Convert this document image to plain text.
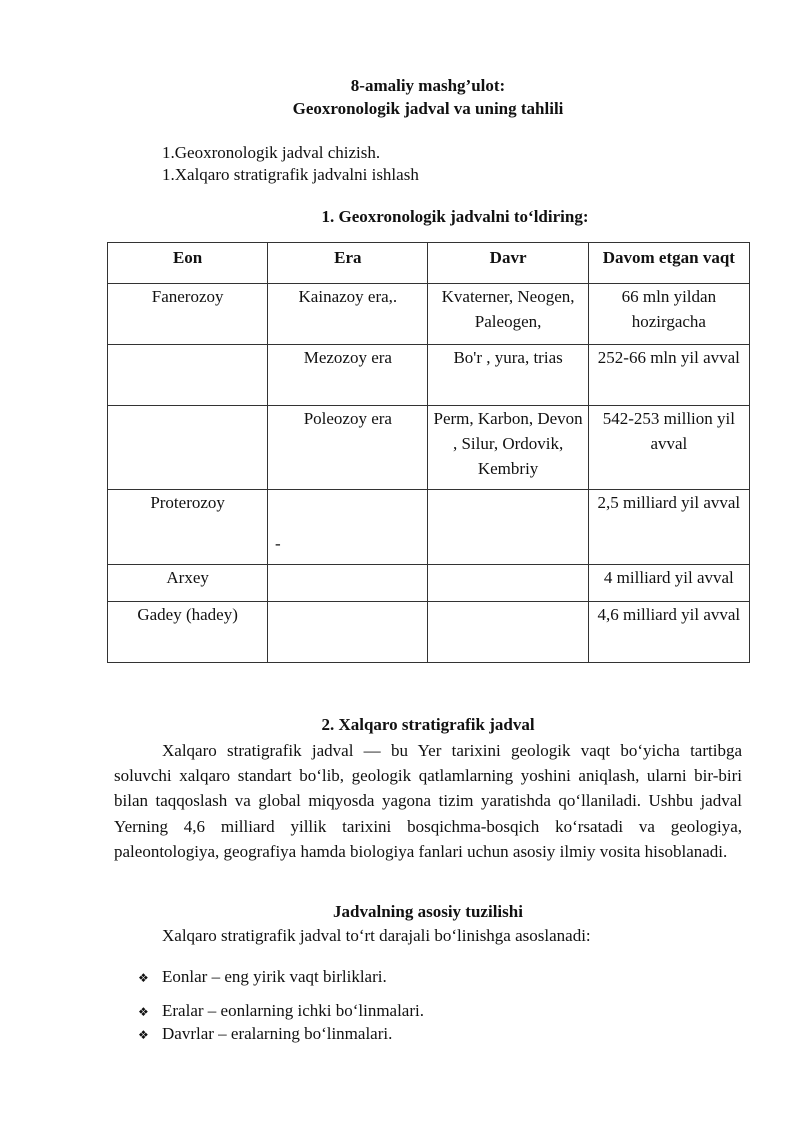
8-amaliy mashg’ulot:
Geoxronologik jadval va uning tahlili
1.Geoxronologik jadval chizish.
1.Xalqaro stratigrafik jadvalni ishlash
1. Geoxronologik jadvalni toʻldiring:
Eon	Era	Davr	Davom etgan vaqt
Fanerozoy	Kainazoy era,.	Kvaterner, Neogen, Paleogen,	66 mln yildan hozirgacha
	Mezozoy era	Bo'r , yura, trias	252-66 mln yil avval
	Poleozoy era	Perm, Karbon, Devon , Silur, Ordovik, Kembriy	542-253 million yil avval
Proterozoy			2,5 milliard yil avval
Arxey			4 milliard yil avval
Gadey (hadey)			4,6 milliard yil avval
-
2. Xalqaro stratigrafik jadval
Xalqaro stratigrafik jadval — bu Yer tarixini geologik vaqt boʻyicha tartibga soluvchi xalqaro standart boʻlib, geologik qatlamlarning yoshini aniqlash, ularni bir-biri bilan taqqoslash va global miqyosda yagona tizim yaratishda qoʻllaniladi. Ushbu jadval Yerning 4,6 milliard yillik tarixini bosqichma-bosqich koʻrsatadi va geologiya, paleontologiya, geografiya hamda biologiya fanlari uchun asosiy ilmiy vosita hisoblanadi.
Jadvalning asosiy tuzilishi
Xalqaro stratigrafik jadval toʻrt darajali boʻlinishga asoslanadi:
❖ Eonlar – eng yirik vaqt birliklari.
❖ Eralar – eonlarning ichki boʻlinmalari.
❖ Davrlar – eralarning boʻlinmalari.
